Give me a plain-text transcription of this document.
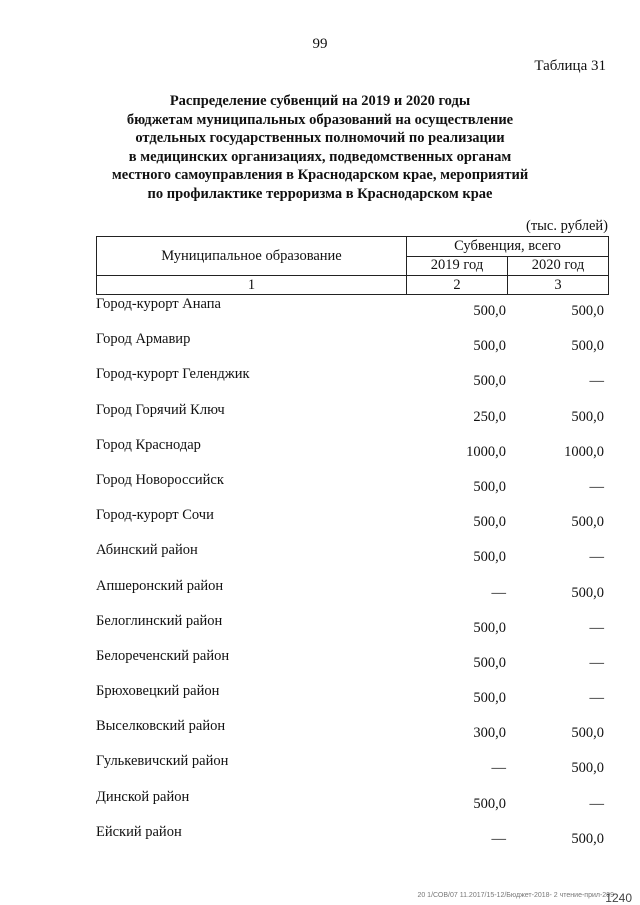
99
Таблица 31
Распределение субвенций на 2019 и 2020 годы
бюджетам муниципальных образований на осуществление
отдельных государственных полномочий по реализации
в медицинских организациях, подведомственных органам
местного самоуправления в Краснодарском крае, мероприятий
по профилактике терроризма в Краснодарском крае
(тыс. рублей)
Муниципальное образование	Субвенция, всего	
	2019 год	2020 год
1	2	3
Город-курорт Анапа	500,0	500,0
Город Армавир	500,0	500,0
Город-курорт Геленджик	500,0	—
Город Горячий Ключ	250,0	500,0
Город Краснодар	1000,0	1000,0
Город Новороссийск	500,0	—
Город-курорт Сочи	500,0	500,0
Абинский район	500,0	—
Апшеронский район	—	500,0
Белоглинский район	500,0	—
Белореченский район	500,0	—
Брюховецкий район	500,0	—
Выселковский район	300,0	500,0
Гулькевичский район	—	500,0
Динской район	500,0	—
Ейский район	—	500,0
20 1/СОВ/07 11.2017/15-12/Бюджет-2018- 2 чтение-прил-299
1240
